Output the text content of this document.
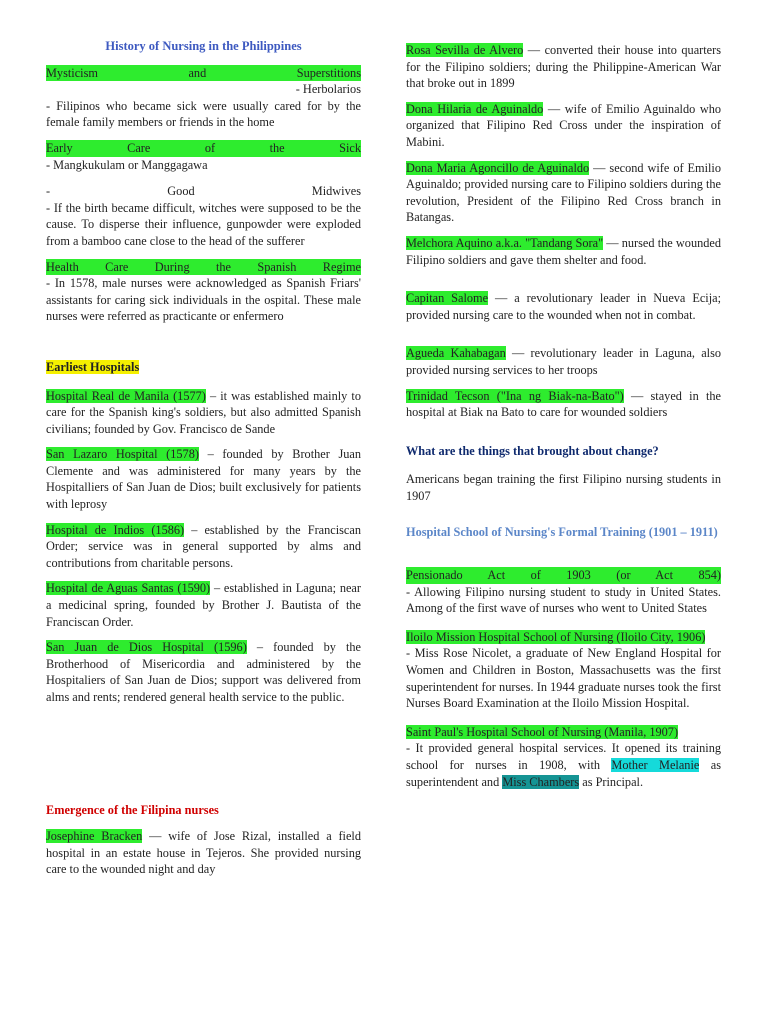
History of Nursing in the Philippines
Mysticism and Superstitions
- Herbolarios
- Filipinos who became sick were usually cared for by the female family members or friends in the home
Early Care of the Sick
- Mangkukulam or Manggagawa
- Good Midwives
- If the birth became difficult, witches were supposed to be the cause. To disperse their influence, gunpowder were exploded from a bamboo cane close to the head of the sufferer
Health Care During the Spanish Regime
- In 1578, male nurses were acknowledged as Spanish Friars' assistants for caring sick individuals in the ospital. These male nurses were referred as practicante or enfermero
Earliest Hospitals
Hospital Real de Manila (1577) – it was established mainly to care for the Spanish king's soldiers, but also admitted Spanish civilians; founded by Gov. Francisco de Sande
San Lazaro Hospital (1578) – founded by Brother Juan Clemente and was administered for many years by the Hospitalliers of San Juan de Dios; built exclusively for patients with leprosy
Hospital de Indios (1586) – established by the Franciscan Order; service was in general supported by alms and contributions from charitable persons.
Hospital de Aguas Santas (1590) – established in Laguna; near a medicinal spring, founded by Brother J. Bautista of the Franciscan Order.
San Juan de Dios Hospital (1596) – founded by the Brotherhood of Misericordia and administered by the Hospitaliers of San Juan de Dios; support was delivered from alms and rents; rendered general health service to the public.
Emergence of the Filipina nurses
Josephine Bracken — wife of Jose Rizal, installed a field hospital in an estate house in Tejeros. She provided nursing care to the wounded night and day
Rosa Sevilla de Alvero — converted their house into quarters for the Filipino soldiers; during the Philippine-American War that broke out in 1899
Dona Hilaria de Aguinaldo — wife of Emilio Aguinaldo who organized that Filipino Red Cross under the inspiration of Mabini.
Dona Maria Agoncillo de Aguinaldo — second wife of Emilio Aguinaldo; provided nursing care to Filipino soldiers during the revolution, President of the Filipino Red Cross branch in Batangas.
Melchora Aquino a.k.a. "Tandang Sora" — nursed the wounded Filipino soldiers and gave them shelter and food.
Capitan Salome — a revolutionary leader in Nueva Ecija; provided nursing care to the wounded when not in combat.
Agueda Kahabagan — revolutionary leader in Laguna, also provided nursing services to her troops
Trinidad Tecson ("Ina ng Biak-na-Bato") — stayed in the hospital at Biak na Bato to care for wounded soldiers
What are the things that brought about change?
Americans began training the first Filipino nursing students in 1907
Hospital School of Nursing's Formal Training (1901 – 1911)
Pensionado Act of 1903 (or Act 854)
- Allowing Filipino nursing student to study in United States. Among of the first wave of nurses who went to United States
Iloilo Mission Hospital School of Nursing (Iloilo City, 1906)
- Miss Rose Nicolet, a graduate of New England Hospital for Women and Children in Boston, Massachusetts was the first superintendent for nurses. In 1944 graduate nurses took the first Nurses Board Examination at the Iloilo Mission Hospital.
Saint Paul's Hospital School of Nursing (Manila, 1907)
- It provided general hospital services. It opened its training school for nurses in 1908, with Mother Melanie as superintendent and Miss Chambers as Principal.
